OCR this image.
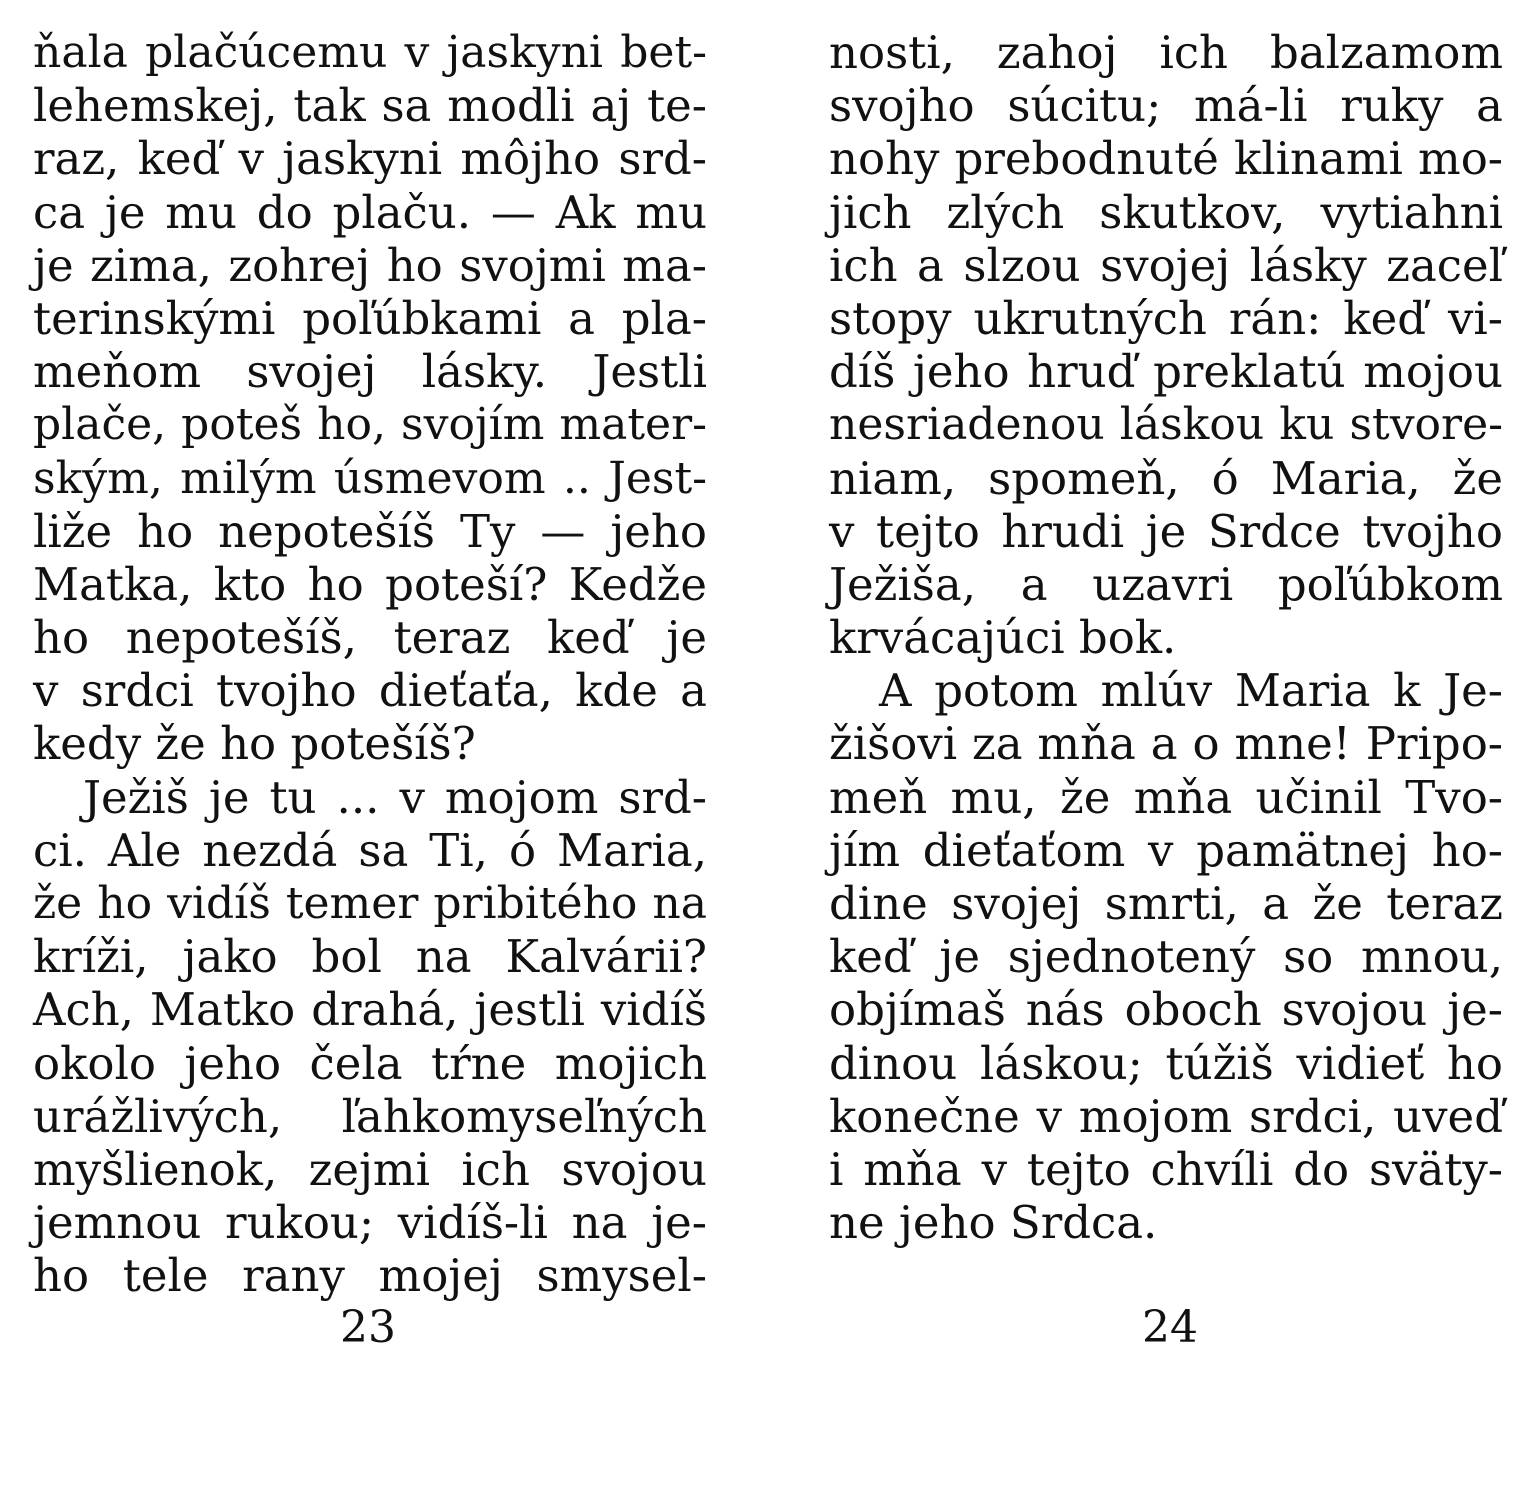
ňala plačúcemu v jaskyni bet-
lehemskej, tak sa modli aj te-
raz, keď v jaskyni môjho srd-
ca je mu do plaču. — Ak mu
je zima, zohrej ho svojmi ma-
terinskými poľúbkami a pla-
meňom svojej lásky. Jestli
plače, poteš ho, svojím mater-
ským, milým úsmevom .. Jest-
liže ho nepotešíš Ty — jeho
Matka, kto ho poteší? Kedže
ho nepotešíš, teraz keď je
v srdci tvojho dieťaťa, kde a
kedy že ho potešíš?
Ježiš je tu ... v mojom srd-
ci. Ale nezdá sa Ti, ó Maria,
že ho vidíš temer pribitého na
kríži, jako bol na Kalvárii?
Ach, Matko drahá, jestli vidíš
okolo jeho čela tŕne mojich
urážlivých, ľahkomyseľných
myšlienok, zejmi ich svojou
jemnou rukou; vidíš-li na je-
ho tele rany mojej smysel-
nosti, zahoj ich balzamom
svojho súcitu; má-li ruky a
nohy prebodnuté klinami mo-
jich zlých skutkov, vytiahni
ich a slzou svojej lásky zaceľ
stopy ukrutných rán: keď vi-
díš jeho hruď preklatú mojou
nesriadenou láskou ku stvore-
niam, spomeň, ó Maria, že
v tejto hrudi je Srdce tvojho
Ježiša, a uzavri poľúbkom
krvácajúci bok.
A potom mlúv Maria k Je-
žišovi za mňa a o mne! Pripo-
meň mu, že mňa učinil Tvo-
jím dieťaťom v pamätnej ho-
dine svojej smrti, a že teraz
keď je sjednotený so mnou,
objímaš nás oboch svojou je-
dinou láskou; túžiš vidieť ho
konečne v mojom srdci, uveď
i mňa v tejto chvíli do sväty-
ne jeho Srdca.
23	24
